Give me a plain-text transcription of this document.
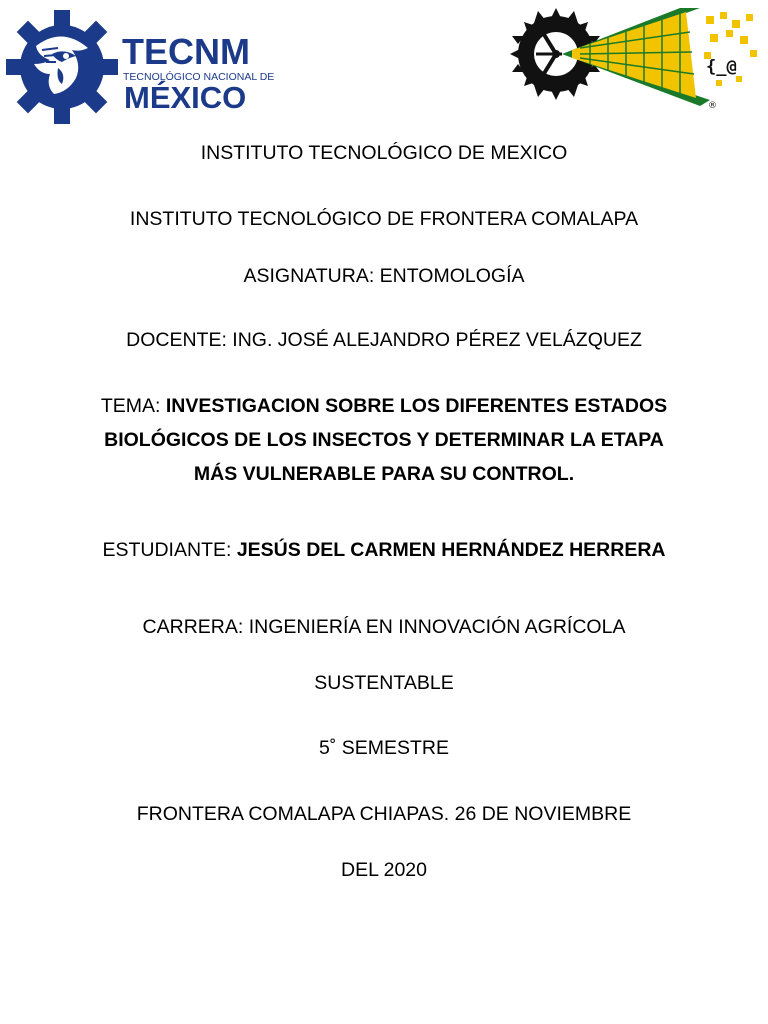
TECNM
TECNOLÓGICO NACIONAL DE
MÉXICO
{_@
®

INSTITUTO TECNOLÓGICO DE MEXICO

INSTITUTO TECNOLÓGICO DE FRONTERA COMALAPA

ASIGNATURA: ENTOMOLOGÍA

DOCENTE: ING. JOSÉ ALEJANDRO PÉREZ VELÁZQUEZ

TEMA: INVESTIGACION SOBRE LOS DIFERENTES ESTADOS BIOLÓGICOS DE LOS INSECTOS Y DETERMINAR LA ETAPA MÁS VULNERABLE PARA SU CONTROL.

ESTUDIANTE: JESÚS DEL CARMEN HERNÁNDEZ HERRERA

CARRERA: INGENIERÍA EN INNOVACIÓN AGRÍCOLA

SUSTENTABLE

5˚ SEMESTRE

FRONTERA COMALAPA CHIAPAS. 26 DE NOVIEMBRE

DEL 2020
